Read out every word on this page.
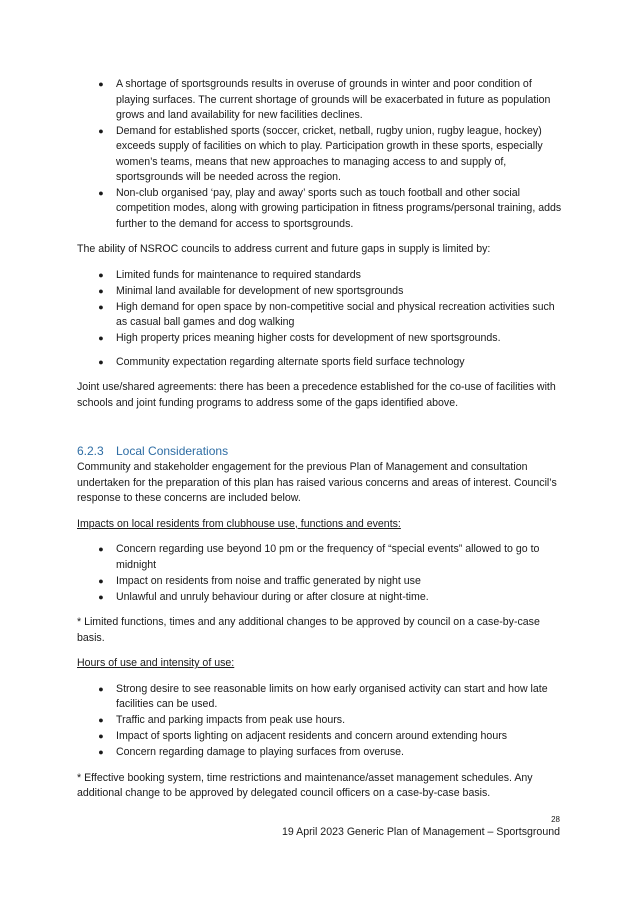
●	A shortage of sportsgrounds results in overuse of grounds in winter and poor condition of playing surfaces. The current shortage of grounds will be exacerbated in future as population grows and land availability for new facilities declines.
●	Demand for established sports (soccer, cricket, netball, rugby union, rugby league, hockey) exceeds supply of facilities on which to play. Participation growth in these sports, especially women’s teams, means that new approaches to managing access to and supply of, sportsgrounds will be needed across the region.
●	Non-club organised ‘pay, play and away’ sports such as touch football and other social competition modes, along with growing participation in fitness programs/personal training, adds further to the demand for access to sportsgrounds.

The ability of NSROC councils to address current and future gaps in supply is limited by:

●	Limited funds for maintenance to required standards
●	Minimal land available for development of new sportsgrounds
●	High demand for open space by non-competitive social and physical recreation activities such as casual ball games and dog walking
●	High property prices meaning higher costs for development of new sportsgrounds.
●	Community expectation regarding alternate sports field surface technology

Joint use/shared agreements: there has been a precedence established for the co-use of facilities with schools and joint funding programs to address some of the gaps identified above.

6.2.3 Local Considerations

Community and stakeholder engagement for the previous Plan of Management and consultation undertaken for the preparation of this plan has raised various concerns and areas of interest. Council’s response to these concerns are included below.

Impacts on local residents from clubhouse use, functions and events:

●	Concern regarding use beyond 10 pm or the frequency of “special events” allowed to go to midnight
●	Impact on residents from noise and traffic generated by night use
●	Unlawful and unruly behaviour during or after closure at night-time.

* Limited functions, times and any additional changes to be approved by council on a case-by-case basis.

Hours of use and intensity of use:

●	Strong desire to see reasonable limits on how early organised activity can start and how late facilities can be used.
●	Traffic and parking impacts from peak use hours.
●	Impact of sports lighting on adjacent residents and concern around extending hours
●	Concern regarding damage to playing surfaces from overuse.

* Effective booking system, time restrictions and maintenance/asset management schedules. Any additional change to be approved by delegated council officers on a case-by-case basis.

28
19 April 2023 Generic Plan of Management – Sportsground
